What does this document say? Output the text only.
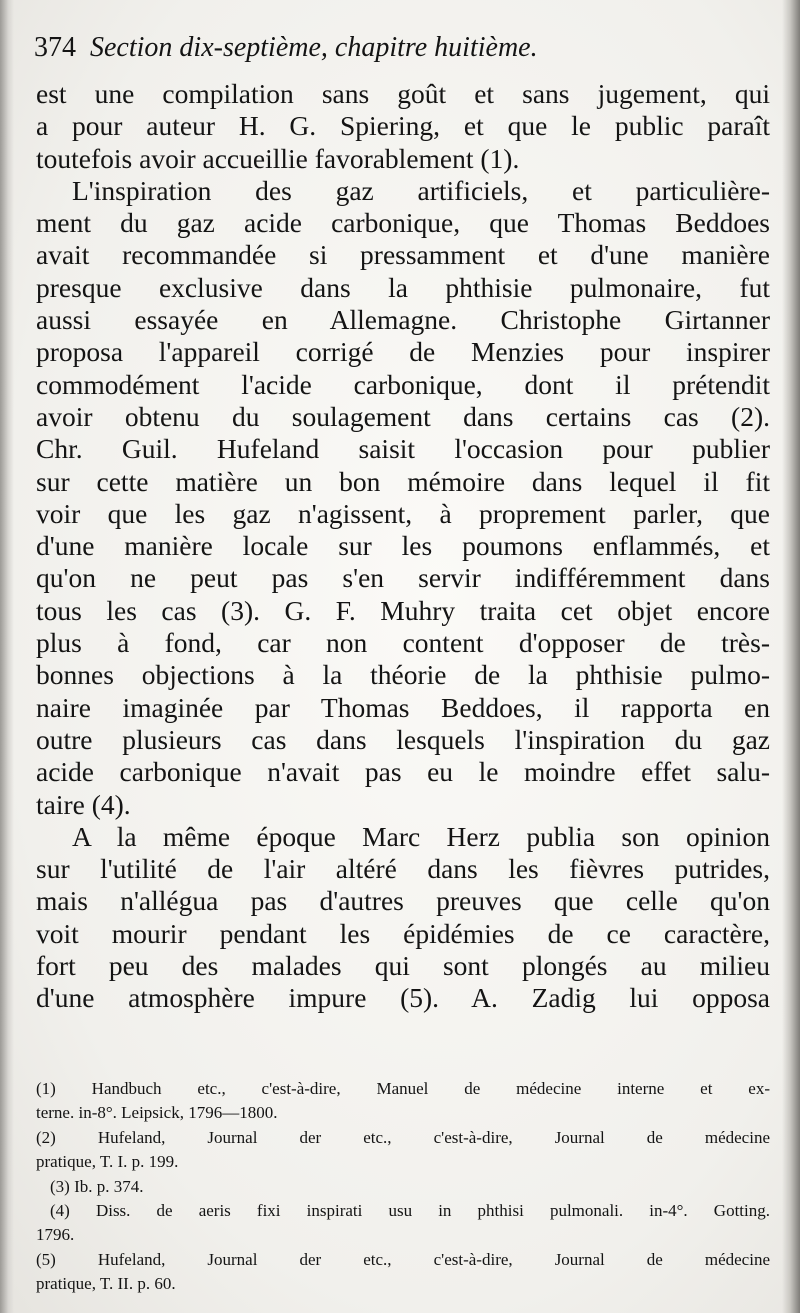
374 Section dix-septième, chapitre huitième.
est une compilation sans goût et sans jugement, qui
a pour auteur H. G. Spiering, et que le public paraît
toutefois avoir accueillie favorablement (1).
L'inspiration des gaz artificiels, et particulière-
ment du gaz acide carbonique, que Thomas Beddoes
avait recommandée si pressamment et d'une manière
presque exclusive dans la phthisie pulmonaire, fut
aussi essayée en Allemagne. Christophe Girtanner
proposa l'appareil corrigé de Menzies pour inspirer
commodément l'acide carbonique, dont il prétendit
avoir obtenu du soulagement dans certains cas (2).
Chr. Guil. Hufeland saisit l'occasion pour publier
sur cette matière un bon mémoire dans lequel il fit
voir que les gaz n'agissent, à proprement parler, que
d'une manière locale sur les poumons enflammés, et
qu'on ne peut pas s'en servir indifféremment dans
tous les cas (3). G. F. Muhry traita cet objet encore
plus à fond, car non content d'opposer de très-
bonnes objections à la théorie de la phthisie pulmo-
naire imaginée par Thomas Beddoes, il rapporta en
outre plusieurs cas dans lesquels l'inspiration du gaz
acide carbonique n'avait pas eu le moindre effet salu-
taire (4).
A la même époque Marc Herz publia son opinion
sur l'utilité de l'air altéré dans les fièvres putrides,
mais n'allégua pas d'autres preuves que celle qu'on
voit mourir pendant les épidémies de ce caractère,
fort peu des malades qui sont plongés au milieu
d'une atmosphère impure (5). A. Zadig lui opposa
(1) Handbuch etc., c'est-à-dire, Manuel de médecine interne et ex-
terne. in-8°. Leipsick, 1796—1800.
(2) Hufeland, Journal der etc., c'est-à-dire, Journal de médecine
pratique, T. I. p. 199.
(3) Ib. p. 374.
(4) Diss. de aeris fixi inspirati usu in phthisi pulmonali. in-4°. Gotting.
1796.
(5) Hufeland, Journal der etc., c'est-à-dire, Journal de médecine
pratique, T. II. p. 60.
